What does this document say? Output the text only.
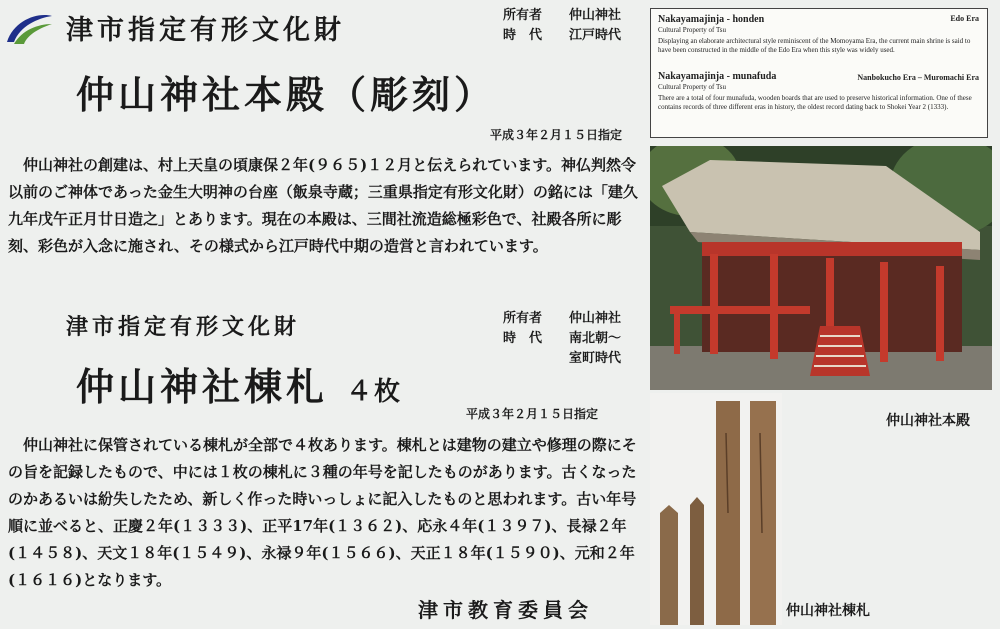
津市指定有形文化財	所有者 仲山神社
時　代 江戸時代
仲山神社本殿（彫刻）
平成３年２月１５日指定
仲山神社の創建は、村上天皇の頃康保２年(９６５)１２月と伝えられています。神仏判然令以前のご神体であった金生大明神の台座（飯泉寺蔵；三重県指定有形文化財）の銘には「建久九年戊午正月廿日造之」とあります。現在の本殿は、三間社流造総極彩色で、社殿各所に彫刻、彩色が入念に施され、その様式から江戸時代中期の造営と言われています。
津市指定有形文化財	所有者 仲山神社
時　代 南北朝～
室町時代
仲山神社棟札 ４枚
平成３年２月１５日指定
仲山神社に保管されている棟札が全部で４枚あります。棟札とは建物の建立や修理の際にその旨を記録したもので、中には１枚の棟札に３種の年号を記したものがあります。古くなったのかあるいは紛失したため、新しく作った時いっしょに記入したものと思われます。古い年号順に並べると、正慶２年(１３３３)、正平17年(１３６２)、応永４年(１３９７)、長禄２年(１４５８)、天文１８年(１５４９)、永禄９年(１５６６)、天正１８年(１５９０)、元和２年(１６１６)となります。
津市教育委員会
Nakayamajinja - honden	Edo Era
Cultural Property of Tsu
Displaying an elaborate architectural style reminiscent of the Momoyama Era, the current main shrine is said to have been constructed in the middle of the Edo Era when this style was widely used.
Nakayamajinja - munafuda	Nanbokucho Era – Muromachi Era
Cultural Property of Tsu
There are a total of four munafuda, wooden boards that are used to preserve historical information. One of these contains records of three different eras in history, the oldest record dating back to Shokei Year 2 (1333).
仲山神社本殿
仲山神社棟札
